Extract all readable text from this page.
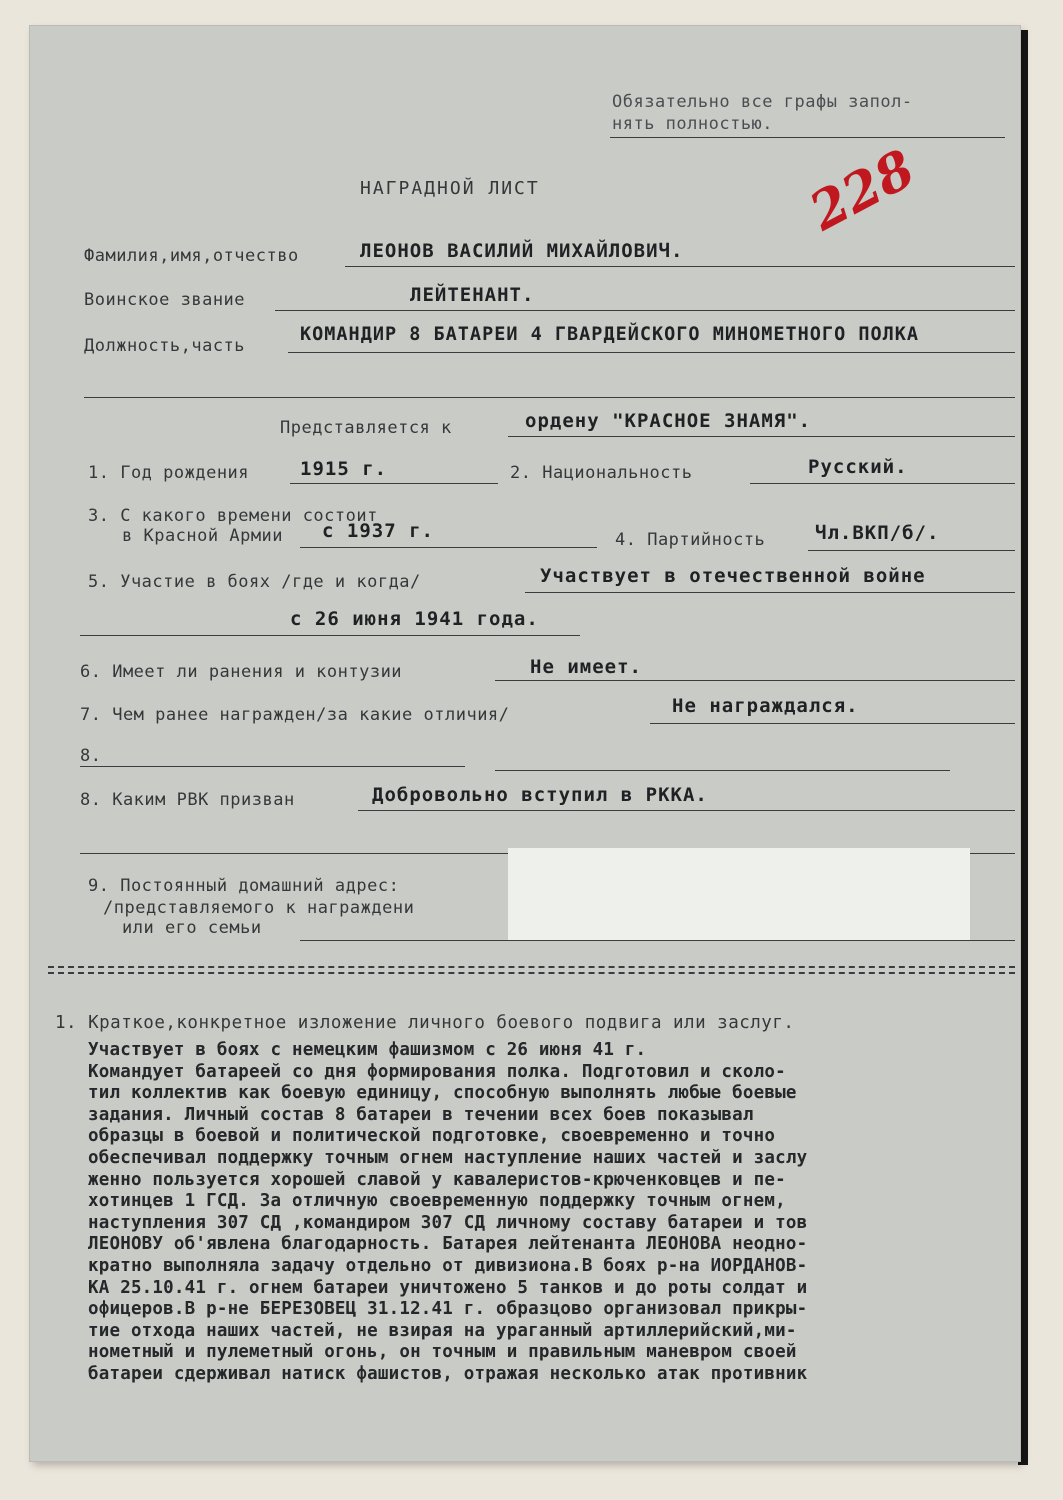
Обязательно все графы запол-
нять полностью.
НАГРАДНОЙ ЛИСТ	228
Фамилия,имя,отчество	ЛЕОНОВ ВАСИЛИЙ МИХАЙЛОВИЧ.
Воинское звание	ЛЕЙТЕНАНТ.
Должность,часть
КОМАНДИР 8 БАТАРЕИ 4 ГВАРДЕЙСКОГО МИНОМЕТНОГО ПОЛКА
Представляется к	ордену "КРАСНОЕ ЗНАМЯ".
1. Год рождения	1915 г.	2. Национальность	Русский.
3. С какого времени состоит
в Красной Армии с 1937 г.	4. Партийность	Чл.ВКП/б/.
5. Участие в боях /где и когда/	Участвует в отечественной войне
с 26 июня 1941 года.
6. Имеет ли ранения и контузии	Не имеет.
7. Чем ранее награжден/за какие отличия/	Не награждался.
8.
8. Каким РВК призван	Добровольно вступил в РККА.
9. Постоянный домашний адрес:
/представляемого к награждени
или его семьи
1. Краткое,конкретное изложение личного боевого подвига или заслуг.
Участвует в боях с немецким фашизмом с 26 июня 41 г.
Командует батареей со дня формирования полка. Подготовил и сколо-
тил коллектив как боевую единицу, способную выполнять любые боевые
задания. Личный состав 8 батареи в течении всех боев показывал
образцы в боевой и политической подготовке, своевременно и точно
обеспечивал поддержку точным огнем наступление наших частей и заслу
женно пользуется хорошей славой у кавалеристов-крюченковцев и пе-
хотинцев 1 ГСД. За отличную своевременную поддержку точным огнем,
наступления 307 СД ,командиром 307 СД личному составу батареи и тов
ЛЕОНОВУ об'явлена благодарность. Батарея лейтенанта ЛЕОНОВА неодно-
кратно выполняла задачу отдельно от дивизиона.В боях р-на ИОРДАНОВ-
КА 25.10.41 г. огнем батареи уничтожено 5 танков и до роты солдат и
офицеров.В р-не БЕРЕЗОВЕЦ 31.12.41 г. образцово организовал прикры-
тие отхода наших частей, не взирая на ураганный артиллерийский,ми-
нометный и пулеметный огонь, он точным и правильным маневром своей
батареи сдерживал натиск фашистов, отражая несколько атак противник
